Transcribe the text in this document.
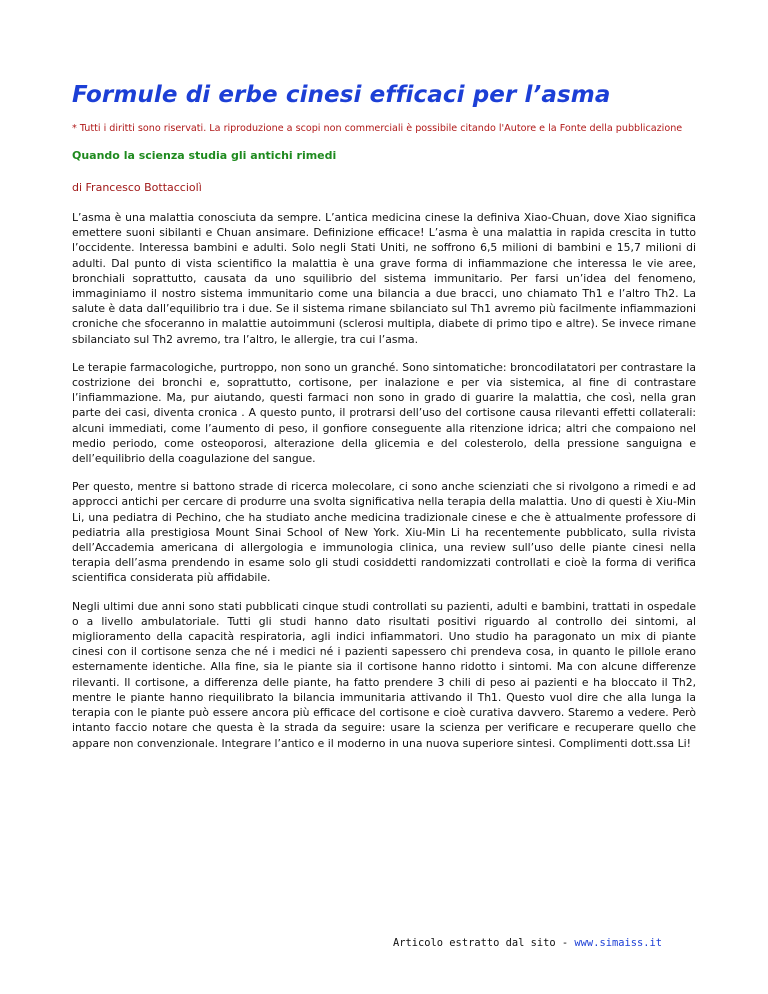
Formule di erbe cinesi efficaci per l’asma
* Tutti i diritti sono riservati. La riproduzione a scopi non commerciali è possibile citando l'Autore e la Fonte della pubblicazione
Quando la scienza studia gli antichi rimedi
di Francesco Bottacciolì

L’asma è una malattia conosciuta da sempre. L’antica medicina cinese la definiva Xiao-Chuan, dove Xiao significa emettere suoni sibilanti e Chuan ansimare. Definizione efficace! L’asma è una malattia in rapida crescita in tutto l’occidente. Interessa bambini e adulti. Solo negli Stati Uniti, ne soffrono 6,5 milioni di bambini e 15,7 milioni di adulti. Dal punto di vista scientifico la malattia è una grave forma di infiammazione che interessa le vie aree, bronchiali soprattutto, causata da uno squilibrio del sistema immunitario. Per farsi un’idea del fenomeno, immaginiamo il nostro sistema immunitario come una bilancia a due bracci, uno chiamato Th1 e l’altro Th2. La salute è data dall’equilibrio tra i due. Se il sistema rimane sbilanciato sul Th1 avremo più facilmente infiammazioni croniche che sfoceranno in malattie autoimmuni (sclerosi multipla, diabete di primo tipo e altre). Se invece rimane sbilanciato sul Th2 avremo, tra l’altro, le allergie, tra cui l’asma.

Le terapie farmacologiche, purtroppo, non sono un granché. Sono sintomatiche: broncodilatatori per contrastare la costrizione dei bronchi e, soprattutto, cortisone, per inalazione e per via sistemica, al fine di contrastare l’infiammazione. Ma, pur aiutando, questi farmaci non sono in grado di guarire la malattia, che così, nella gran parte dei casi, diventa cronica . A questo punto, il protrarsi dell’uso del cortisone causa rilevanti effetti collaterali: alcuni immediati, come l’aumento di peso, il gonfiore conseguente alla ritenzione idrica; altri che compaiono nel medio periodo, come osteoporosi, alterazione della glicemia e del colesterolo, della pressione sanguigna e dell’equilibrio della coagulazione del sangue.

Per questo, mentre si battono strade di ricerca molecolare, ci sono anche scienziati che si rivolgono a rimedi e ad approcci antichi per cercare di produrre una svolta significativa nella terapia della malattia. Uno di questi è Xiu-Min Li, una pediatra di Pechino, che ha studiato anche medicina tradizionale cinese e che è attualmente professore di pediatria alla prestigiosa Mount Sinai School of New York. Xiu-Min Li ha recentemente pubblicato, sulla rivista dell’Accademia americana di allergologia e immunologia clinica, una review sull’uso delle piante cinesi nella terapia dell’asma prendendo in esame solo gli studi cosiddetti randomizzati controllati e cioè la forma di verifica scientifica considerata più affidabile.

Negli ultimi due anni sono stati pubblicati cinque studi controllati su pazienti, adulti e bambini, trattati in ospedale o a livello ambulatoriale. Tutti gli studi hanno dato risultati positivi riguardo al controllo dei sintomi, al miglioramento della capacità respiratoria, agli indici infiammatori. Uno studio ha paragonato un mix di piante cinesi con il cortisone senza che né i medici né i pazienti sapessero chi prendeva cosa, in quanto le pillole erano esternamente identiche. Alla fine, sia le piante sia il cortisone hanno ridotto i sintomi. Ma con alcune differenze rilevanti. Il cortisone, a differenza delle piante, ha fatto prendere 3 chili di peso ai pazienti e ha bloccato il Th2, mentre le piante hanno riequilibrato la bilancia immunitaria attivando il Th1. Questo vuol dire che alla lunga la terapia con le piante può essere ancora più efficace del cortisone e cioè curativa davvero. Staremo a vedere. Però intanto faccio notare che questa è la strada da seguire: usare la scienza per verificare e recuperare quello che appare non convenzionale. Integrare l’antico e il moderno in una nuova superiore sintesi. Complimenti dott.ssa Li!

Articolo estratto dal sito - www.simaiss.it
